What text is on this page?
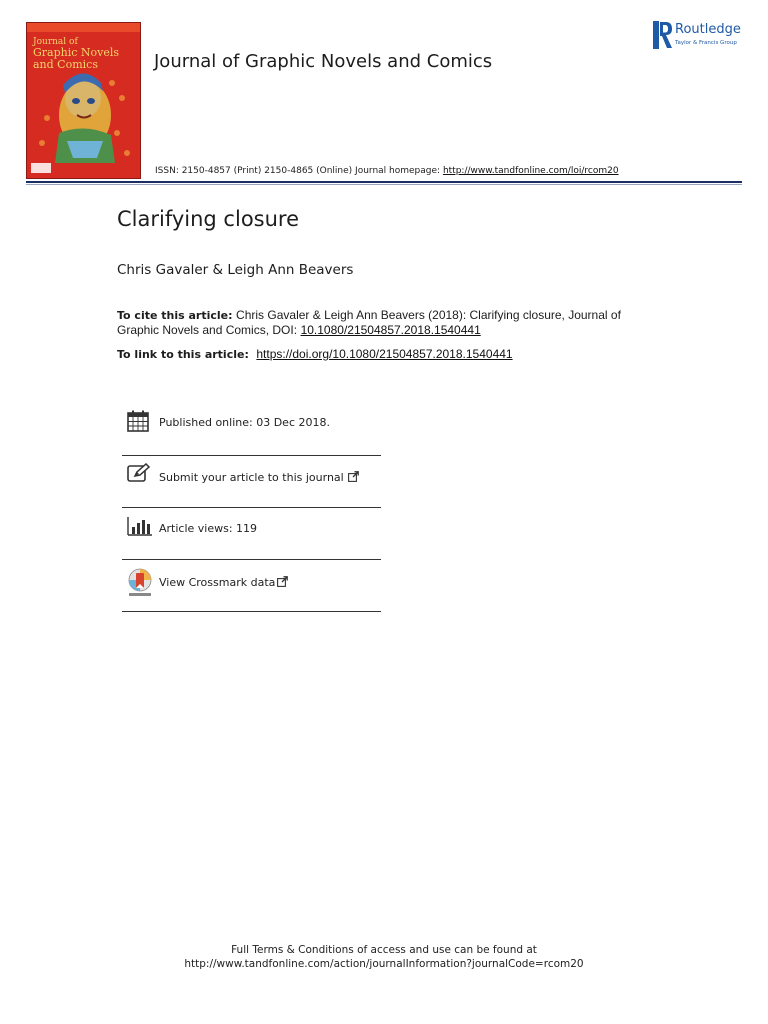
Journal of
Graphic Novels
and Comics	Journal of Graphic Novels and Comics
ISSN: 2150-4857 (Print) 2150-4865 (Online) Journal homepage: http://www.tandfonline.com/loi/rcom20
Routledge
Taylor & Francis Group
Clarifying closure
Chris Gavaler & Leigh Ann Beavers
To cite this article: Chris Gavaler & Leigh Ann Beavers (2018): Clarifying closure, Journal of Graphic Novels and Comics, DOI: 10.1080/21504857.2018.1540441
To link to this article: https://doi.org/10.1080/21504857.2018.1540441
Published online: 03 Dec 2018.
Submit your article to this journal
Article views: 119
View Crossmark data
Full Terms & Conditions of access and use can be found at
http://www.tandfonline.com/action/journalInformation?journalCode=rcom20
